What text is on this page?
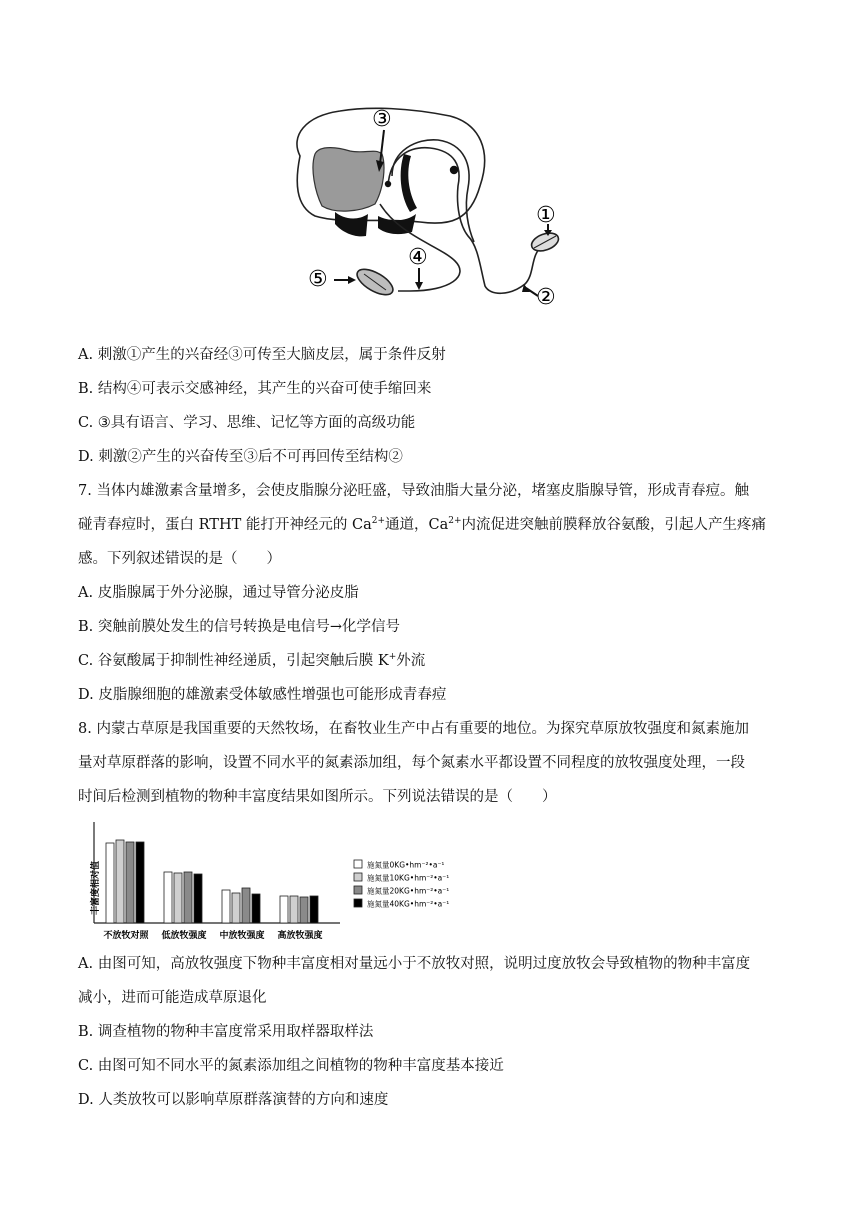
③
①
②
④
⑤
A. 刺激①产生的兴奋经③可传至大脑皮层，属于条件反射
B. 结构④可表示交感神经，其产生的兴奋可使手缩回来
C. ③具有语言、学习、思维、记忆等方面的高级功能
D. 刺激②产生的兴奋传至③后不可再回传至结构②
7. 当体内雄激素含量增多，会使皮脂腺分泌旺盛，导致油脂大量分泌，堵塞皮脂腺导管，形成青春痘。触
碰青春痘时，蛋白 RTHT 能打开神经元的 $Ca^{2+}$通道，$Ca^{2+}$内流促进突触前膜释放谷氨酸，引起人产生疼痛
感。下列叙述错误的是（　　）
A. 皮脂腺属于外分泌腺，通过导管分泌皮脂
B. 突触前膜处发生的信号转换是电信号→化学信号
C. 谷氨酸属于抑制性神经递质，引起突触后膜 K+外流
D. 皮脂腺细胞的雄激素受体敏感性增强也可能形成青春痘
8. 内蒙古草原是我国重要的天然牧场，在畜牧业生产中占有重要的地位。为探究草原放牧强度和氮素施加
量对草原群落的影响，设置不同水平的氮素添加组，每个氮素水平都设置不同程度的放牧强度处理，一段
时间后检测到植物的物种丰富度结果如图所示。下列说法错误的是（　　）
丰富度相对值
不放牧对照 低放牧强度 中放牧强度 高放牧强度
施氮量0KG•hm⁻²•a⁻¹
施氮量10KG•hm⁻²•a⁻¹
施氮量20KG•hm⁻²•a⁻¹
施氮量40KG•hm⁻²•a⁻¹
A. 由图可知，高放牧强度下物种丰富度相对量远小于不放牧对照，说明过度放牧会导致植物的物种丰富度
减小，进而可能造成草原退化
B. 调查植物的物种丰富度常采用取样器取样法
C. 由图可知不同水平的氮素添加组之间植物的物种丰富度基本接近
D. 人类放牧可以影响草原群落演替的方向和速度
